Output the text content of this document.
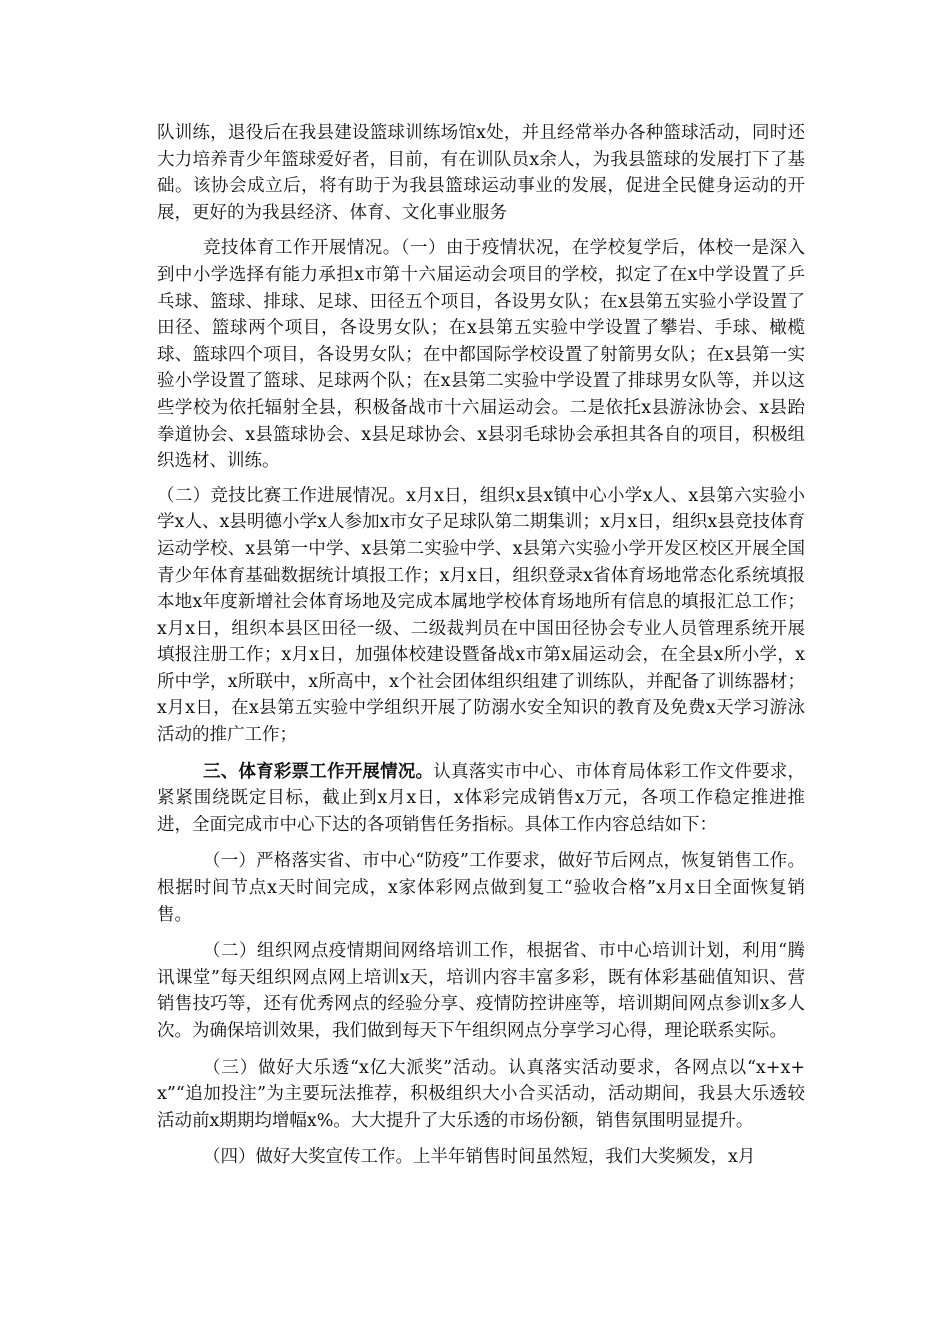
队训练，退役后在我县建设篮球训练场馆x处，并且经常举办各种篮球活动，同时还大力培养青少年篮球爱好者，目前，有在训队员x余人，为我县篮球的发展打下了基础。该协会成立后，将有助于为我县篮球运动事业的发展，促进全民健身运动的开展，更好的为我县经济、体育、文化事业服务

竞技体育工作开展情况。（一）由于疫情状况，在学校复学后，体校一是深入到中小学选择有能力承担x市第十六届运动会项目的学校，拟定了在x中学设置了乒乓球、篮球、排球、足球、田径五个项目，各设男女队；在x县第五实验小学设置了田径、篮球两个项目，各设男女队；在x县第五实验中学设置了攀岩、手球、橄榄球、篮球四个项目，各设男女队；在中都国际学校设置了射箭男女队；在x县第一实验小学设置了篮球、足球两个队；在x县第二实验中学设置了排球男女队等，并以这些学校为依托辐射全县，积极备战市十六届运动会。二是依托x县游泳协会、x县跆拳道协会、x县篮球协会、x县足球协会、x县羽毛球协会承担其各自的项目，积极组织选材、训练。

（二）竞技比赛工作进展情况。x月x日，组织x县x镇中心小学x人、x县第六实验小学x人、x县明德小学x人参加x市女子足球队第二期集训；x月x日，组织x县竞技体育运动学校、x县第一中学、x县第二实验中学、x县第六实验小学开发区校区开展全国青少年体育基础数据统计填报工作；x月x日，组织登录x省体育场地常态化系统填报本地x年度新增社会体育场地及完成本属地学校体育场地所有信息的填报汇总工作；x月x日，组织本县区田径一级、二级裁判员在中国田径协会专业人员管理系统开展填报注册工作；x月x日，加强体校建设暨备战x市第x届运动会，在全县x所小学，x所中学，x所联中，x所高中，x个社会团体组织组建了训练队，并配备了训练器材；x月x日，在x县第五实验中学组织开展了防溺水安全知识的教育及免费x天学习游泳活动的推广工作；

三、体育彩票工作开展情况。认真落实市中心、市体育局体彩工作文件要求，紧紧围绕既定目标，截止到x月x日，x体彩完成销售x万元，各项工作稳定推进推进，全面完成市中心下达的各项销售任务指标。具体工作内容总结如下：

（一）严格落实省、市中心“防疫”工作要求，做好节后网点，恢复销售工作。根据时间节点x天时间完成，x家体彩网点做到复工“验收合格”x月x日全面恢复销售。

（二）组织网点疫情期间网络培训工作，根据省、市中心培训计划，利用“腾讯课堂”每天组织网点网上培训x天，培训内容丰富多彩，既有体彩基础值知识、营销售技巧等，还有优秀网点的经验分享、疫情防控讲座等，培训期间网点参训x多人次。为确保培训效果，我们做到每天下午组织网点分享学习心得，理论联系实际。

（三）做好大乐透“x亿大派奖”活动。认真落实活动要求，各网点以“x+x+x”“追加投注”为主要玩法推荐，积极组织大小合买活动，活动期间，我县大乐透较活动前x期期均增幅x%。大大提升了大乐透的市场份额，销售氛围明显提升。

（四）做好大奖宣传工作。上半年销售时间虽然短，我们大奖频发，x月
